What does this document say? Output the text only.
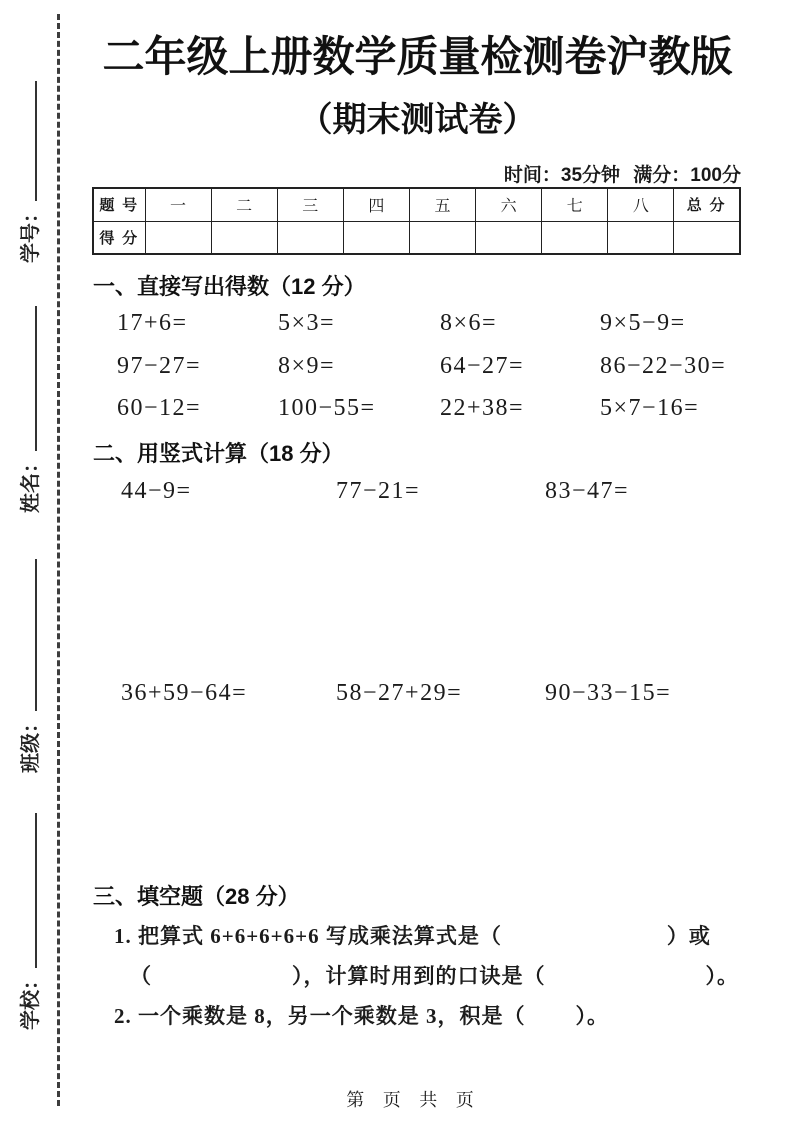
学号：
姓名：
班级：
学校：
二年级上册数学质量检测卷沪教版
（期末测试卷）
时间：35分钟 满分：100分
题 号	一	二	三	四	五	六	七	八	总 分
得 分									
一、直接写出得数（12 分）
17+6=	5×3=	8×6=	9×5−9=
97−27=	8×9=	64−27=	86−22−30=
60−12=	100−55=	22+38=	5×7−16=
二、用竖式计算（18 分）
44−9=	77−21=	83−47=
36+59−64=	58−27+29=	90−33−15=
三、填空题（28 分）
1. 把算式 6+6+6+6+6 写成乘法算式是（	）或
（	），计算时用到的口诀是（	）。
2. 一个乘数是 8，另一个乘数是 3，积是（ ）。
第 页 共 页
